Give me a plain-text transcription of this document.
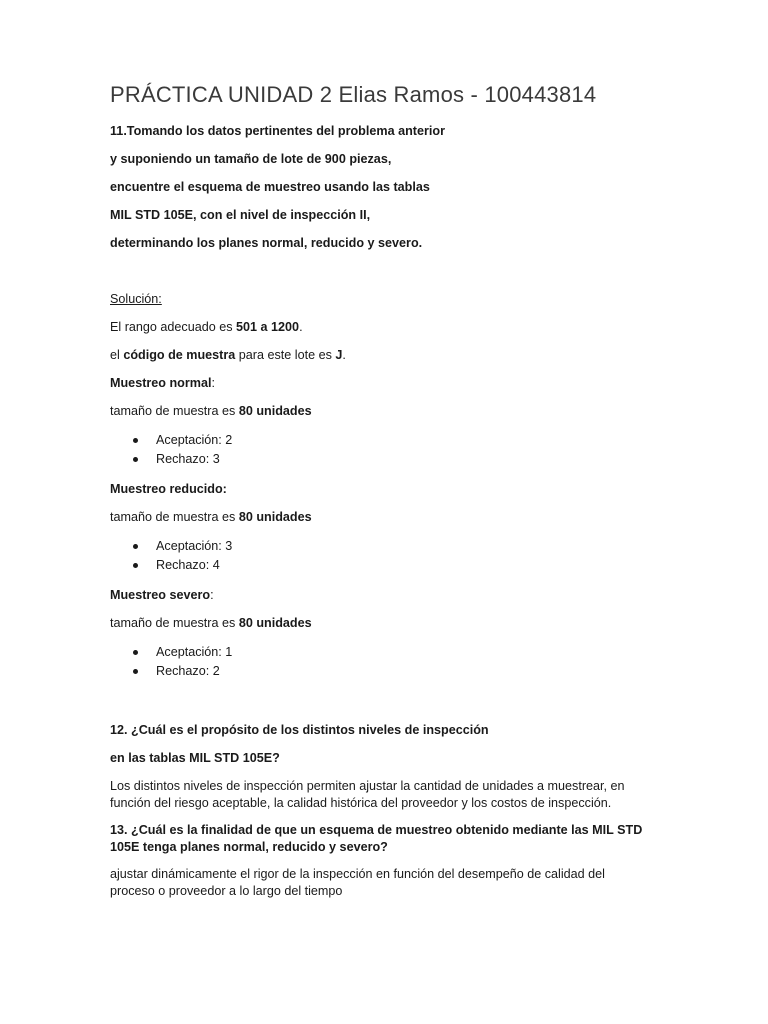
PRÁCTICA UNIDAD 2 Elias Ramos - 100443814

11.Tomando los datos pertinentes del problema anterior

y suponiendo un tamaño de lote de 900 piezas,

encuentre el esquema de muestreo usando las tablas

MIL STD 105E, con el nivel de inspección II,

determinando los planes normal, reducido y severo.

Solución:

El rango adecuado es 501 a 1200.

el código de muestra para este lote es J.

Muestreo normal:

tamaño de muestra es 80 unidades

Aceptación: 2
Rechazo: 3

Muestreo reducido:

tamaño de muestra es 80 unidades

Aceptación: 3
Rechazo: 4

Muestreo severo:

tamaño de muestra es 80 unidades

Aceptación: 1
Rechazo: 2

12. ¿Cuál es el propósito de los distintos niveles de inspección

en las tablas MIL STD 105E?

Los distintos niveles de inspección permiten ajustar la cantidad de unidades a muestrear, en función del riesgo aceptable, la calidad histórica del proveedor y los costos de inspección.

13. ¿Cuál es la finalidad de que un esquema de muestreo obtenido mediante las MIL STD 105E tenga planes normal, reducido y severo?

ajustar dinámicamente el rigor de la inspección en función del desempeño de calidad del proceso o proveedor a lo largo del tiempo
